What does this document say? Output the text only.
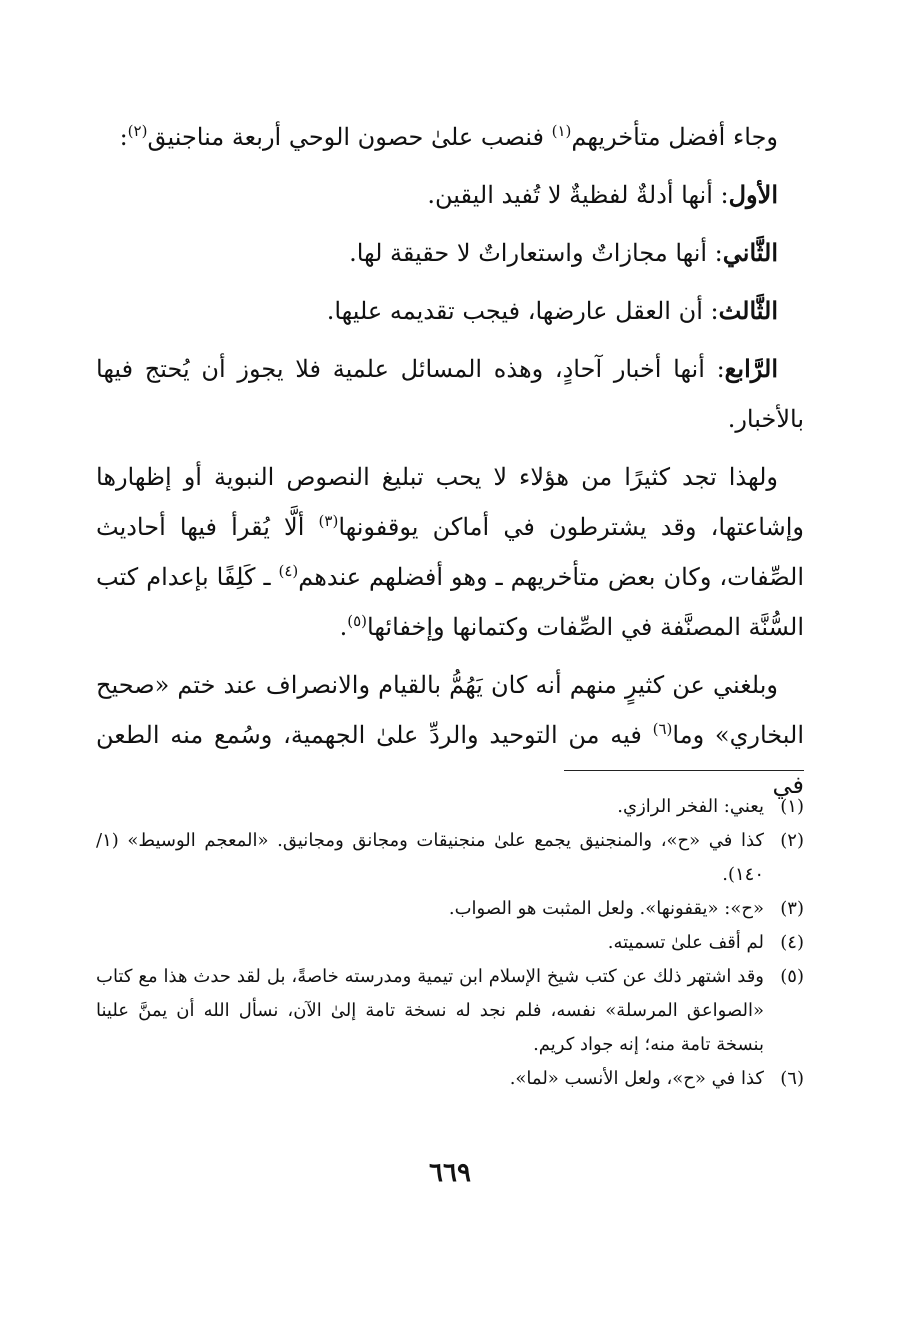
وجاء أفضل متأخريهم$^{(١)}$ فنصب علىٰ حصون الوحي أربعة مناجنيق$^{(٢)}$:

الأول: أنها أدلةٌ لفظيةٌ لا تُفيد اليقين.

الثَّاني: أنها مجازاتٌ واستعاراتٌ لا حقيقة لها.

الثَّالث: أن العقل عارضها، فيجب تقديمه عليها.

الرَّابع: أنها أخبار آحادٍ، وهذه المسائل علمية فلا يجوز أن يُحتج فيها بالأخبار.

ولهذا تجد كثيرًا من هؤلاء لا يحب تبليغ النصوص النبوية أو إظهارها وإشاعتها، وقد يشترطون في أماكن يوقفونها$^{(٣)}$ ألَّا يُقرأ فيها أحاديث الصِّفات، وكان بعض متأخريهم ـ وهو أفضلهم عندهم$^{(٤)}$ ـ كَلِفًا بإعدام كتب السُّنَّة المصنَّفة في الصِّفات وكتمانها وإخفائها$^{(٥)}$.

وبلغني عن كثيرٍ منهم أنه كان يَهُمُّ بالقيام والانصراف عند ختم «صحيح البخاري» وما$^{(٦)}$ فيه من التوحيد والردِّ علىٰ الجهمية، وسُمع منه الطعن في

(١)
يعني: الفخر الرازي.
(٢)
كذا في «ح»، والمنجنيق يجمع علىٰ منجنيقات ومجانق ومجانيق. «المعجم الوسيط» (١/ ١٤٠).
(٣)
«ح»: «يقفونها». ولعل المثبت هو الصواب.
(٤)
لم أقف علىٰ تسميته.
(٥)
وقد اشتهر ذلك عن كتب شيخ الإسلام ابن تيمية ومدرسته خاصةً، بل لقد حدث هذا مع كتاب «الصواعق المرسلة» نفسه، فلم نجد له نسخة تامة إلىٰ الآن، نسأل الله أن يمنَّ علينا بنسخة تامة منه؛ إنه جواد كريم.
(٦)
كذا في «ح»، ولعل الأنسب «لما».
٦٦٩
